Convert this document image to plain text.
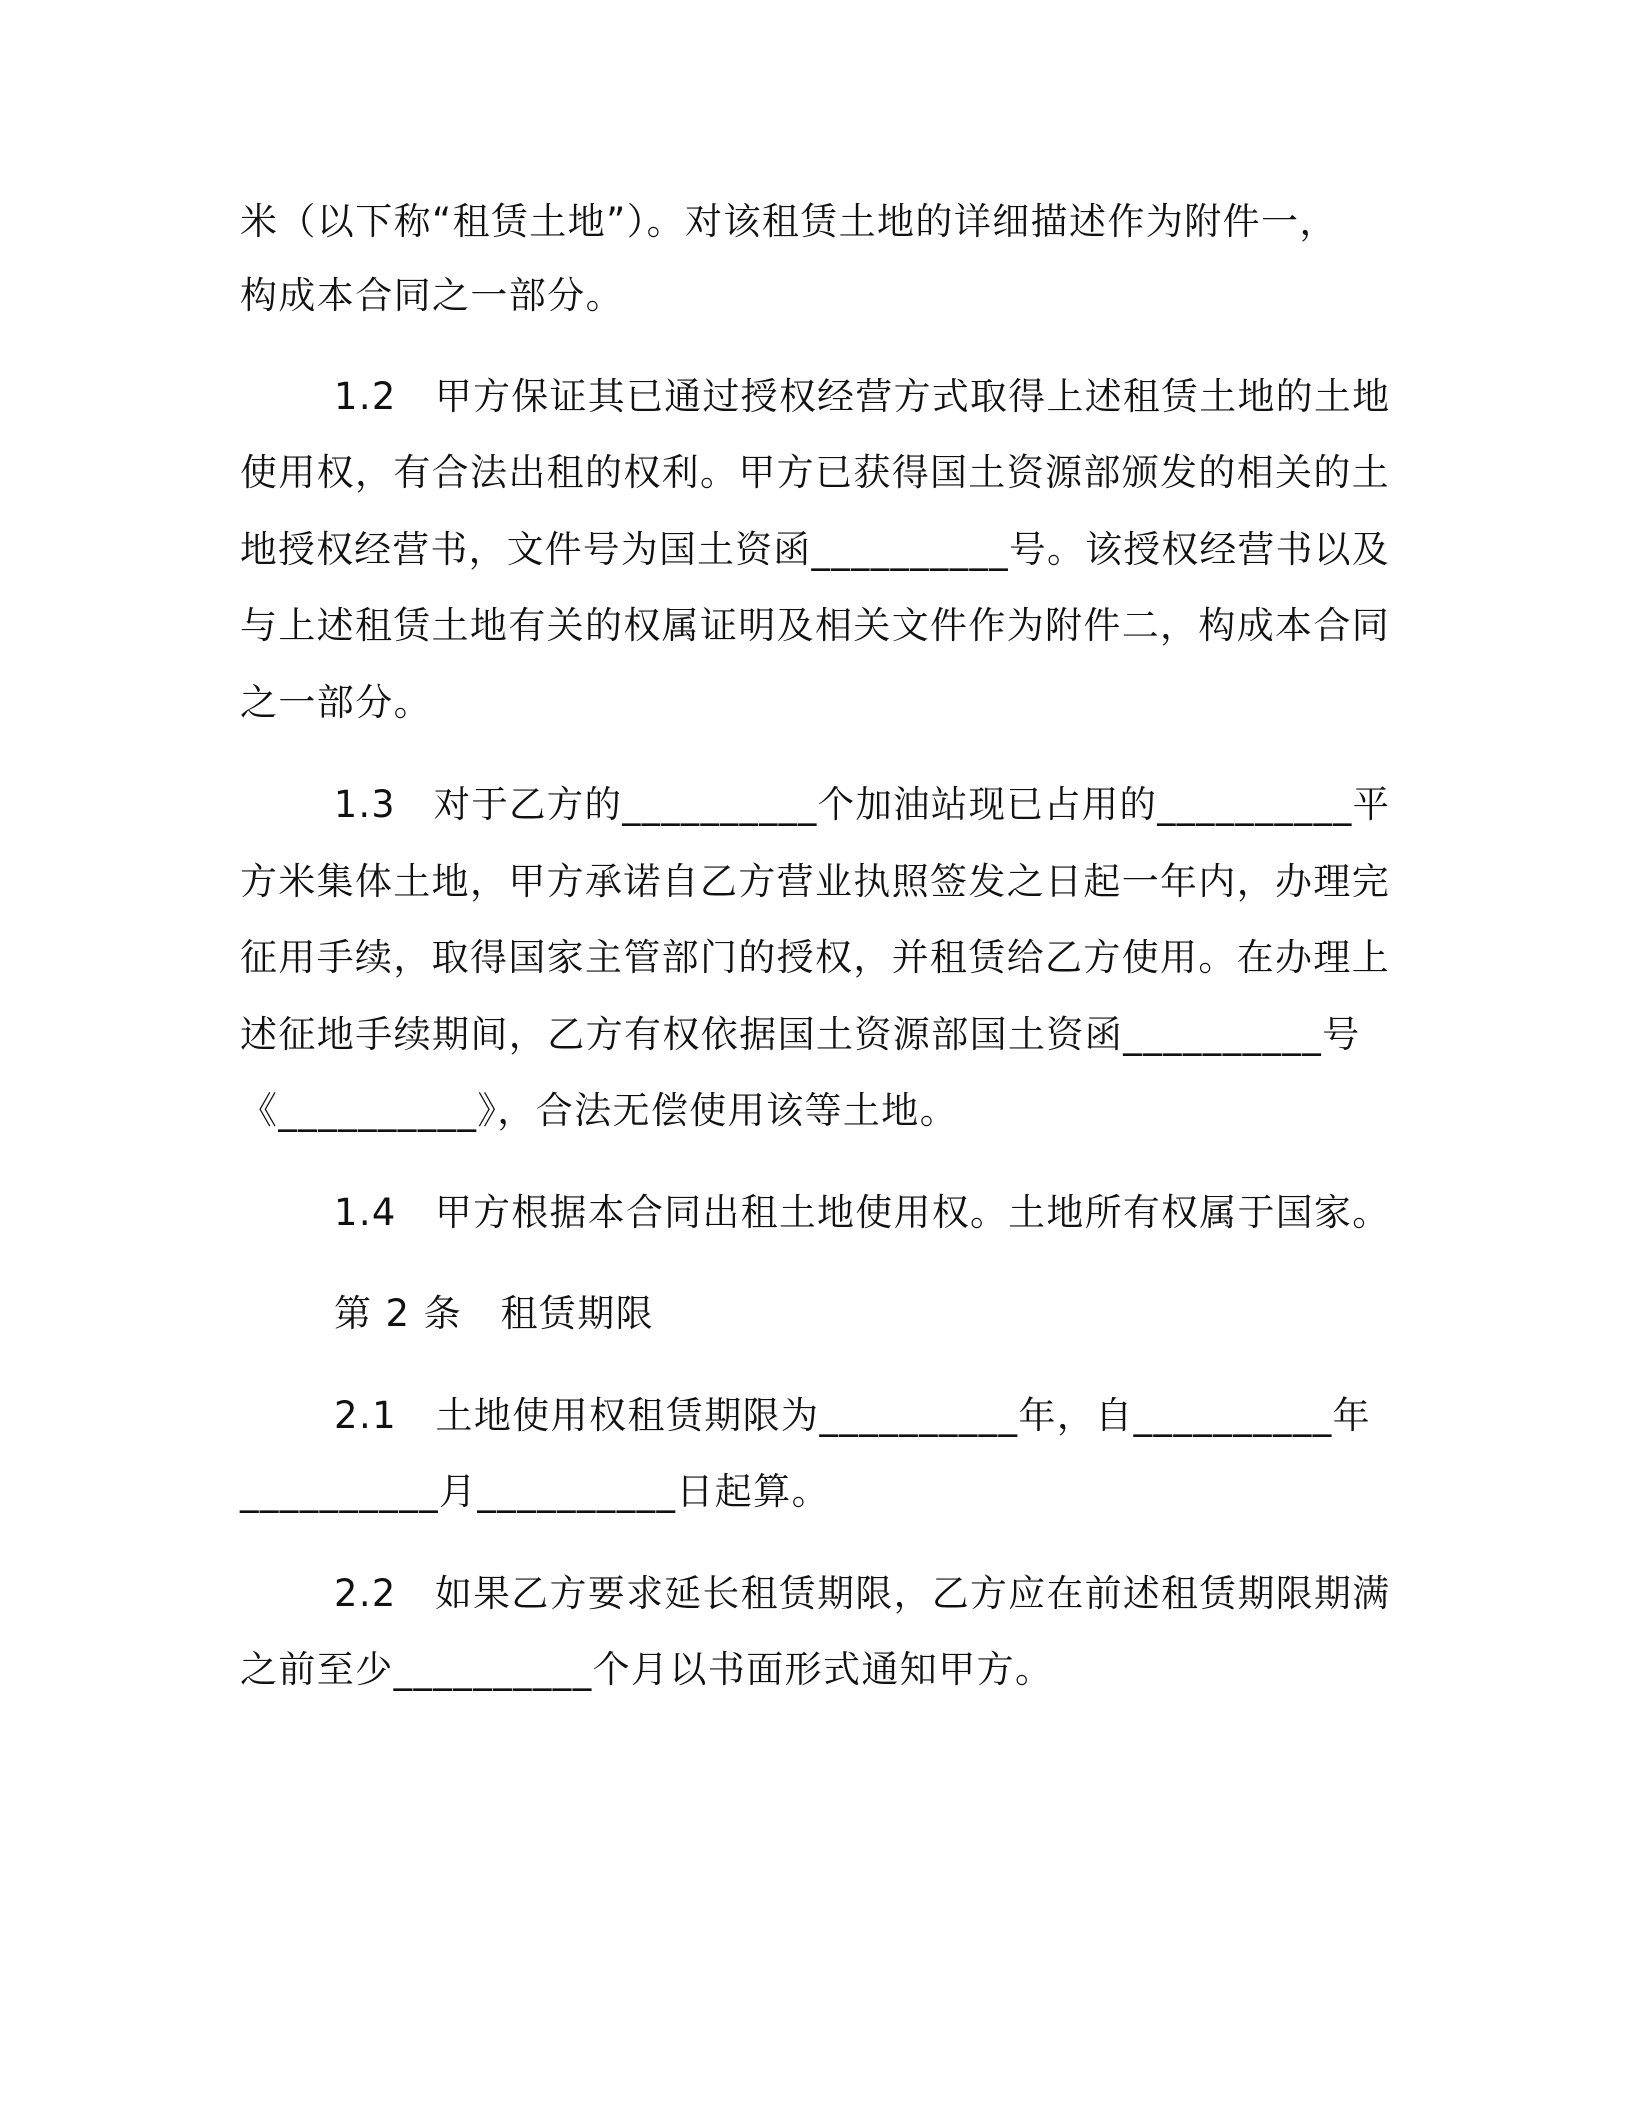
米（以下称“租赁土地”）。对该租赁土地的详细描述作为附件一，
构成本合同之一部分。
1.2　甲方保证其已通过授权经营方式取得上述租赁土地的土地
使用权，有合法出租的权利。甲方已获得国土资源部颁发的相关的土
地授权经营书，文件号为国土资函__________号。该授权经营书以及
与上述租赁土地有关的权属证明及相关文件作为附件二，构成本合同
之一部分。
1.3　对于乙方的__________个加油站现已占用的__________平
方米集体土地，甲方承诺自乙方营业执照签发之日起一年内，办理完
征用手续，取得国家主管部门的授权，并租赁给乙方使用。在办理上
述征地手续期间，乙方有权依据国土资源部国土资函__________号
《__________》，合法无偿使用该等土地。
1.4　甲方根据本合同出租土地使用权。土地所有权属于国家。
第 2 条　租赁期限
2.1　土地使用权租赁期限为__________年，自__________年
__________月__________日起算。
2.2　如果乙方要求延长租赁期限，乙方应在前述租赁期限期满
之前至少__________个月以书面形式通知甲方。
